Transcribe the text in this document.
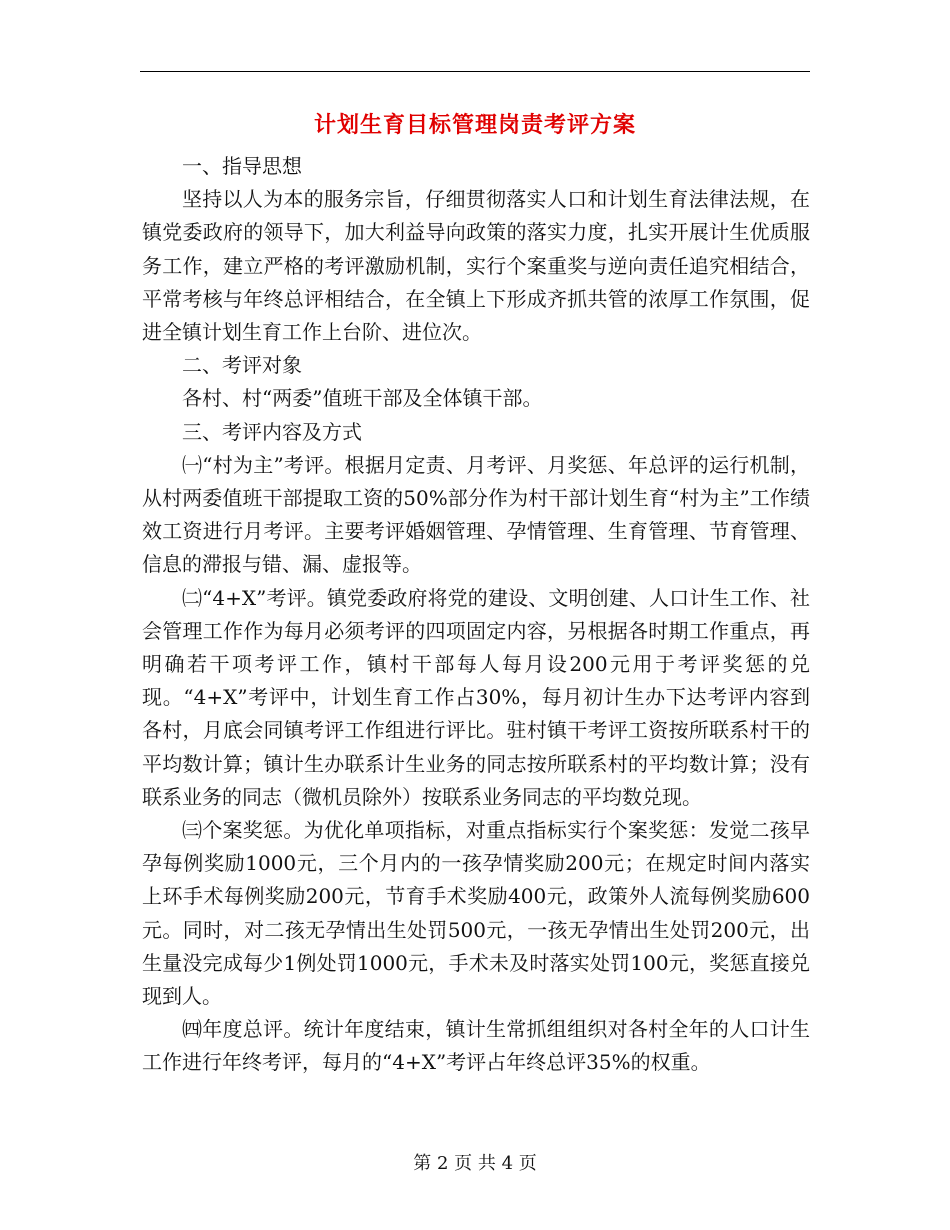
计划生育目标管理岗责考评方案

一、指导思想

坚持以人为本的服务宗旨，仔细贯彻落实人口和计划生育法律法规，在镇党委政府的领导下，加大利益导向政策的落实力度，扎实开展计生优质服务工作，建立严格的考评激励机制，实行个案重奖与逆向责任追究相结合，平常考核与年终总评相结合，在全镇上下形成齐抓共管的浓厚工作氛围，促进全镇计划生育工作上台阶、进位次。

二、考评对象

各村、村“两委”值班干部及全体镇干部。

三、考评内容及方式

㈠“村为主”考评。根据月定责、月考评、月奖惩、年总评的运行机制，从村两委值班干部提取工资的50%部分作为村干部计划生育“村为主”工作绩效工资进行月考评。主要考评婚姻管理、孕情管理、生育管理、节育管理、信息的滞报与错、漏、虚报等。

㈡“4+X”考评。镇党委政府将党的建设、文明创建、人口计生工作、社会管理工作作为每月必须考评的四项固定内容，另根据各时期工作重点，再明确若干项考评工作，镇村干部每人每月设200元用于考评奖惩的兑现。“4+X”考评中，计划生育工作占30%，每月初计生办下达考评内容到各村，月底会同镇考评工作组进行评比。驻村镇干考评工资按所联系村干的平均数计算；镇计生办联系计生业务的同志按所联系村的平均数计算；没有联系业务的同志（微机员除外）按联系业务同志的平均数兑现。

㈢个案奖惩。为优化单项指标，对重点指标实行个案奖惩：发觉二孩早孕每例奖励1000元，三个月内的一孩孕情奖励200元；在规定时间内落实上环手术每例奖励200元，节育手术奖励400元，政策外人流每例奖励600元。同时，对二孩无孕情出生处罚500元，一孩无孕情出生处罚200元，出生量没完成每少1例处罚1000元，手术未及时落实处罚100元，奖惩直接兑现到人。

㈣年度总评。统计年度结束，镇计生常抓组组织对各村全年的人口计生工作进行年终考评，每月的“4+X”考评占年终总评35%的权重。

第 2 页 共 4 页
